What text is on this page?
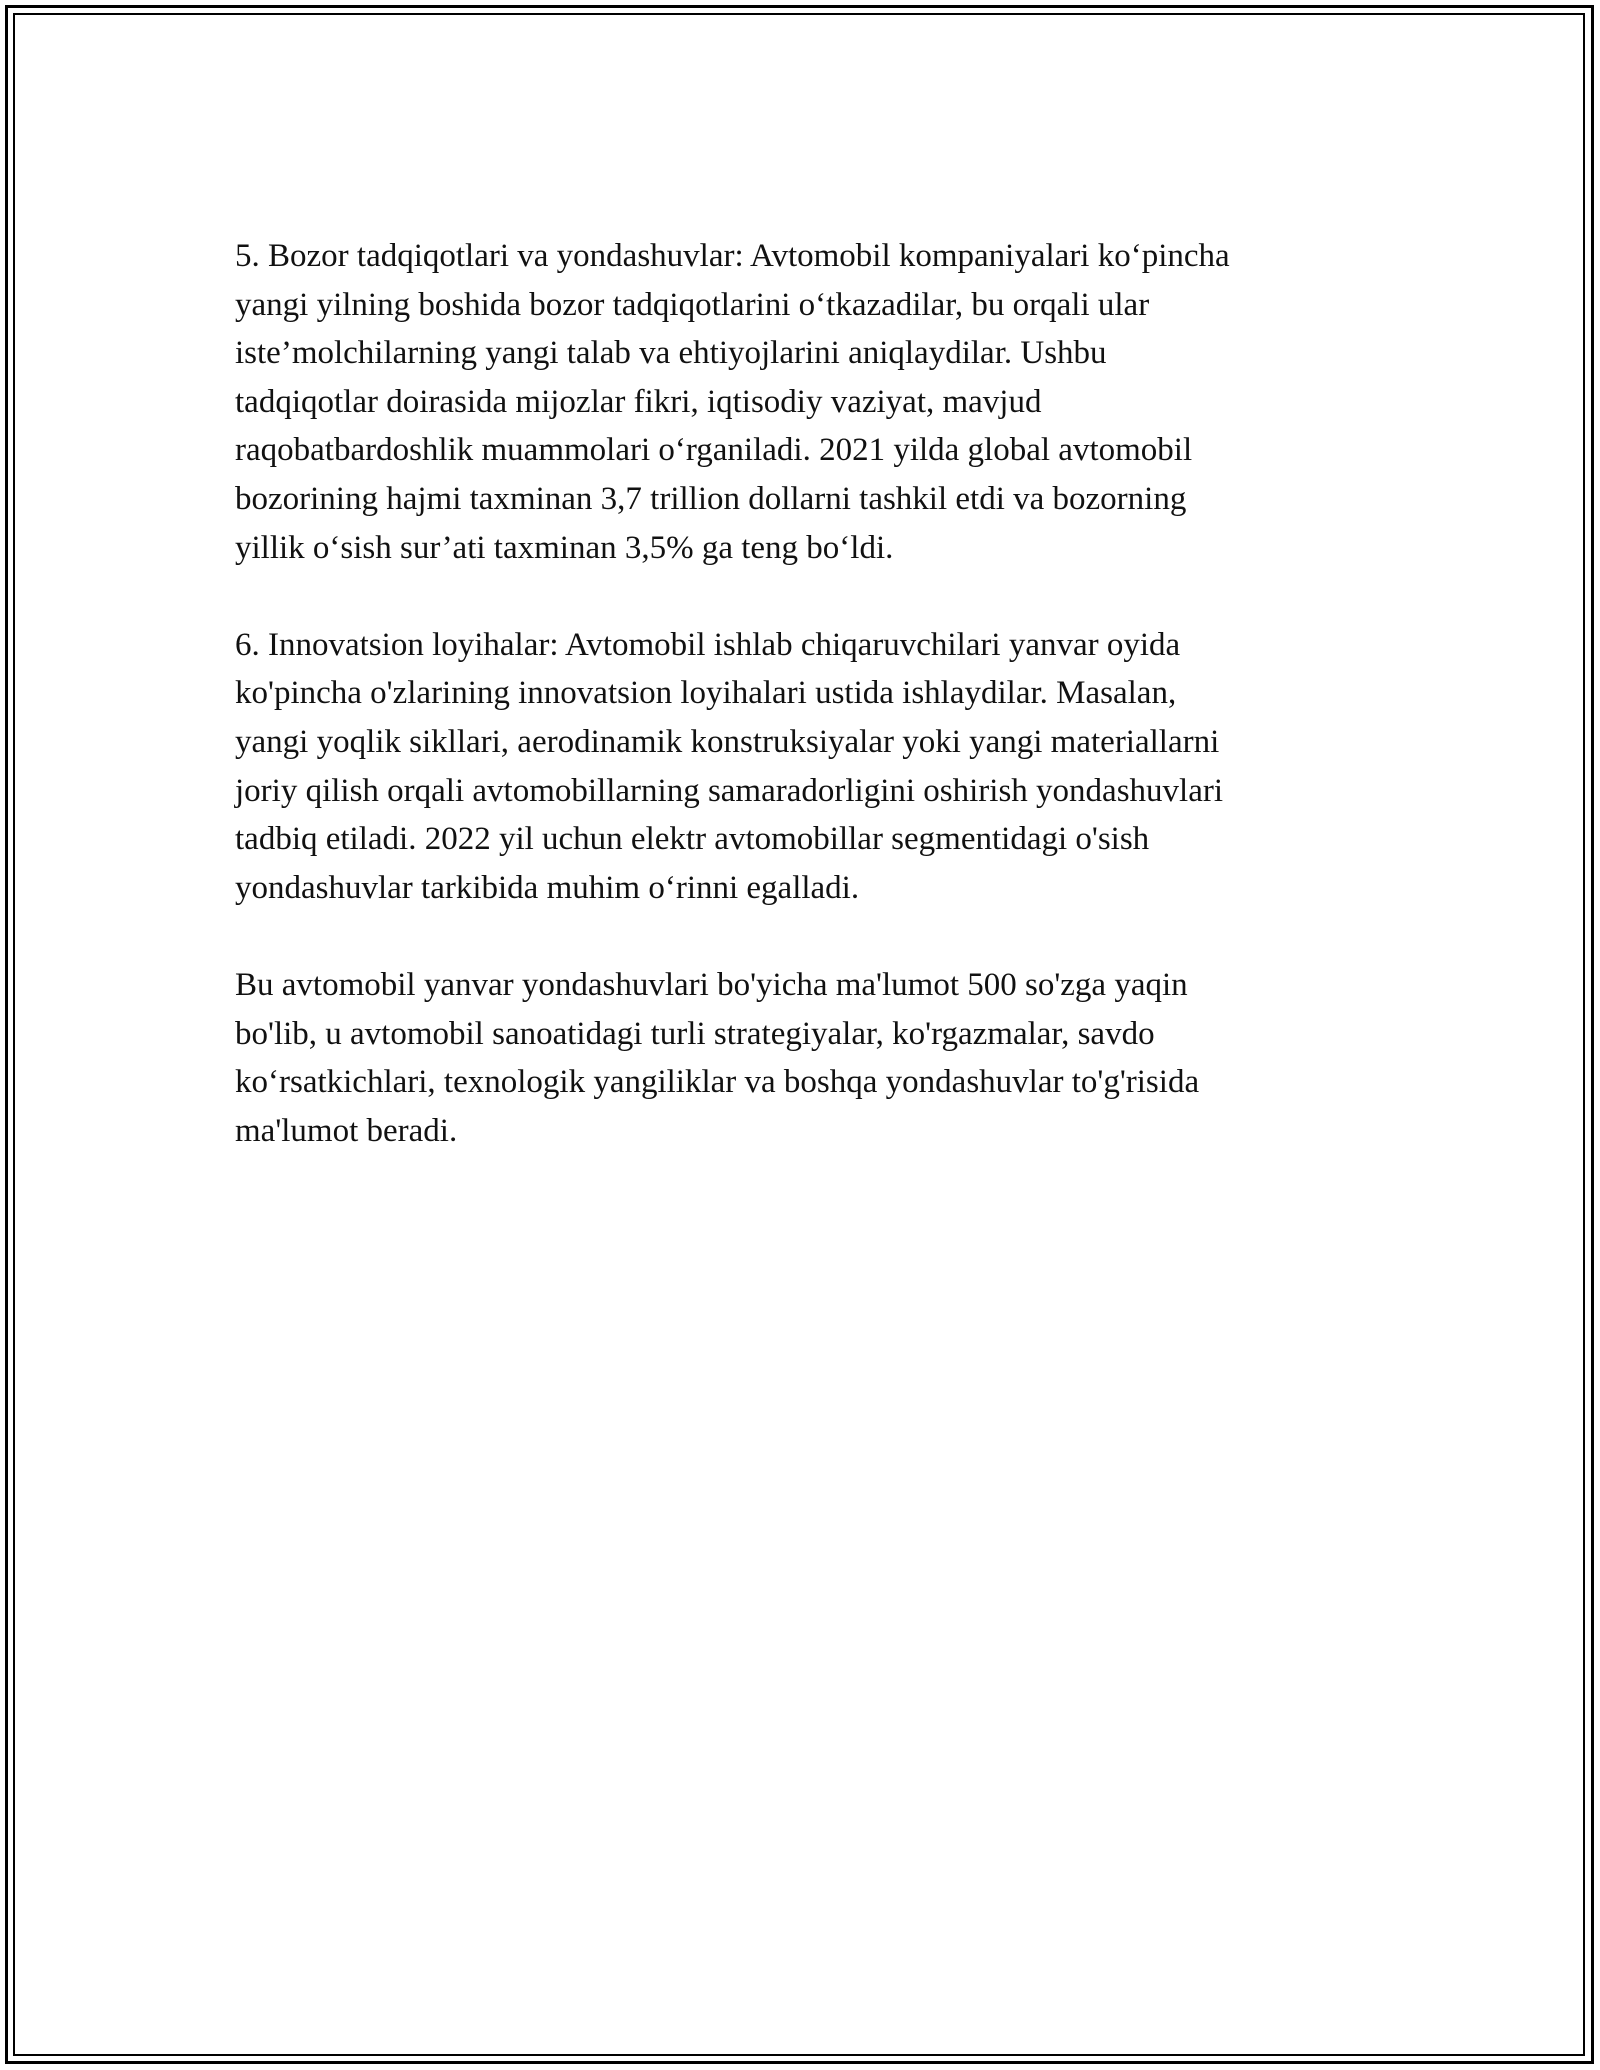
5. Bozor tadqiqotlari va yondashuvlar: Avtomobil kompaniyalari ko‘pincha
yangi yilning boshida bozor tadqiqotlarini o‘tkazadilar, bu orqali ular
iste’molchilarning yangi talab va ehtiyojlarini aniqlaydilar. Ushbu
tadqiqotlar doirasida mijozlar fikri, iqtisodiy vaziyat, mavjud
raqobatbardoshlik muammolari o‘rganiladi. 2021 yilda global avtomobil
bozorining hajmi taxminan 3,7 trillion dollarni tashkil etdi va bozorning
yillik o‘sish sur’ati taxminan 3,5% ga teng bo‘ldi.

6. Innovatsion loyihalar: Avtomobil ishlab chiqaruvchilari yanvar oyida
ko'pincha o'zlarining innovatsion loyihalari ustida ishlaydilar. Masalan,
yangi yoqlik sikllari, aerodinamik konstruksiyalar yoki yangi materiallarni
joriy qilish orqali avtomobillarning samaradorligini oshirish yondashuvlari
tadbiq etiladi. 2022 yil uchun elektr avtomobillar segmentidagi o'sish
yondashuvlar tarkibida muhim o‘rinni egalladi.

Bu avtomobil yanvar yondashuvlari bo'yicha ma'lumot 500 so'zga yaqin
bo'lib, u avtomobil sanoatidagi turli strategiyalar, ko'rgazmalar, savdo
ko‘rsatkichlari, texnologik yangiliklar va boshqa yondashuvlar to'g'risida
ma'lumot beradi.
